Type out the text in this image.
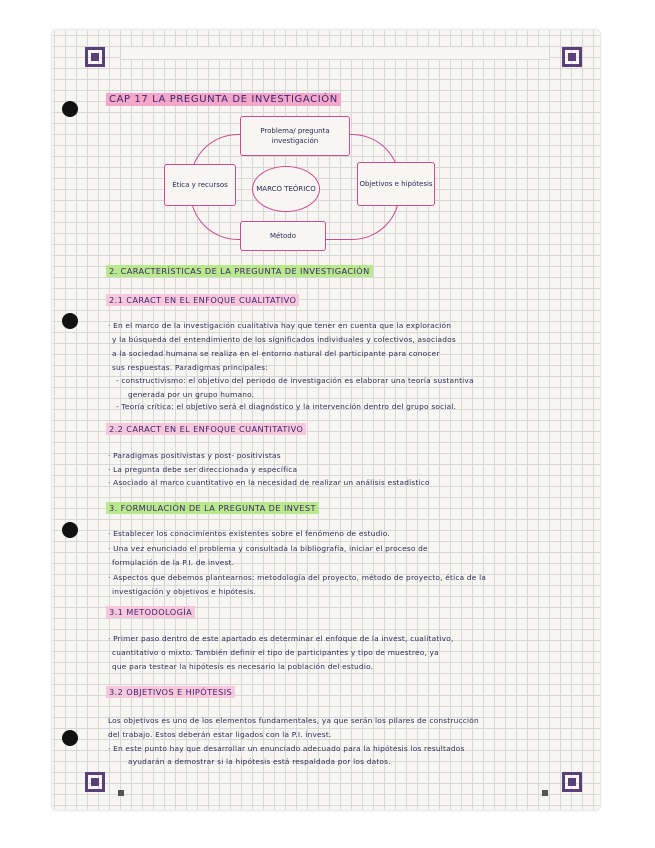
CAP 17 LA PREGUNTA DE INVESTIGACIÓN
Problema/ pregunta investigación
Ética y recursos	MARCO TEÓRICO
Objetivos e hipótesis
Método
2. CARACTERÍSTICAS DE LA PREGUNTA DE INVESTIGACIÓN
2.1 CARACT EN EL ENFOQUE CUALITATIVO
· En el marco de la investigación cualitativa hay que tener en cuenta que la exploración
y la búsqueda del entendimiento de los significados individuales y colectivos, asociados
a la sociedad humana se realiza en el entorno natural del participante para conocer
sus respuestas. Paradigmas principales:
- constructivismo: el objetivo del periodo de investigación es elaborar una teoría sustantiva
generada por un grupo humano.
- Teoría crítica: el objetivo será el diagnóstico y la intervención dentro del grupo social.
2.2 CARACT EN EL ENFOQUE CUANTITATIVO
· Paradigmas positivistas y post- positivistas
· La pregunta debe ser direccionada y específica
· Asociado al marco cuantitativo en la necesidad de realizar un análisis estadístico
3. FORMULACIÓN DE LA PREGUNTA DE INVEST
· Establecer los conocimientos existentes sobre el fenómeno de estudio.
· Una vez enunciado el problema y consultada la bibliografía, iniciar el proceso de
formulación de la P.I. de invest.
· Aspectos que debemos plantearnos: metodología del proyecto, método de proyecto, ética de la
investigación y objetivos e hipótesis.
3.1 METODOLOGÍA
· Primer paso dentro de este apartado es determinar el enfoque de la invest, cualitativo,
cuantitativo o mixto. También definir el tipo de participantes y tipo de muestreo, ya
que para testear la hipótesis es necesario la población del estudio.
3.2 OBJETIVOS E HIPÓTESIS
Los objetivos es uno de los elementos fundamentales, ya que serán los pilares de construcción
del trabajo. Estos deberán estar ligados con la P.I. invest.
· En este punto hay que desarrollar un enunciado adecuado para la hipótesis los resultados
ayudarán a demostrar si la hipótesis está respaldada por los datos.
